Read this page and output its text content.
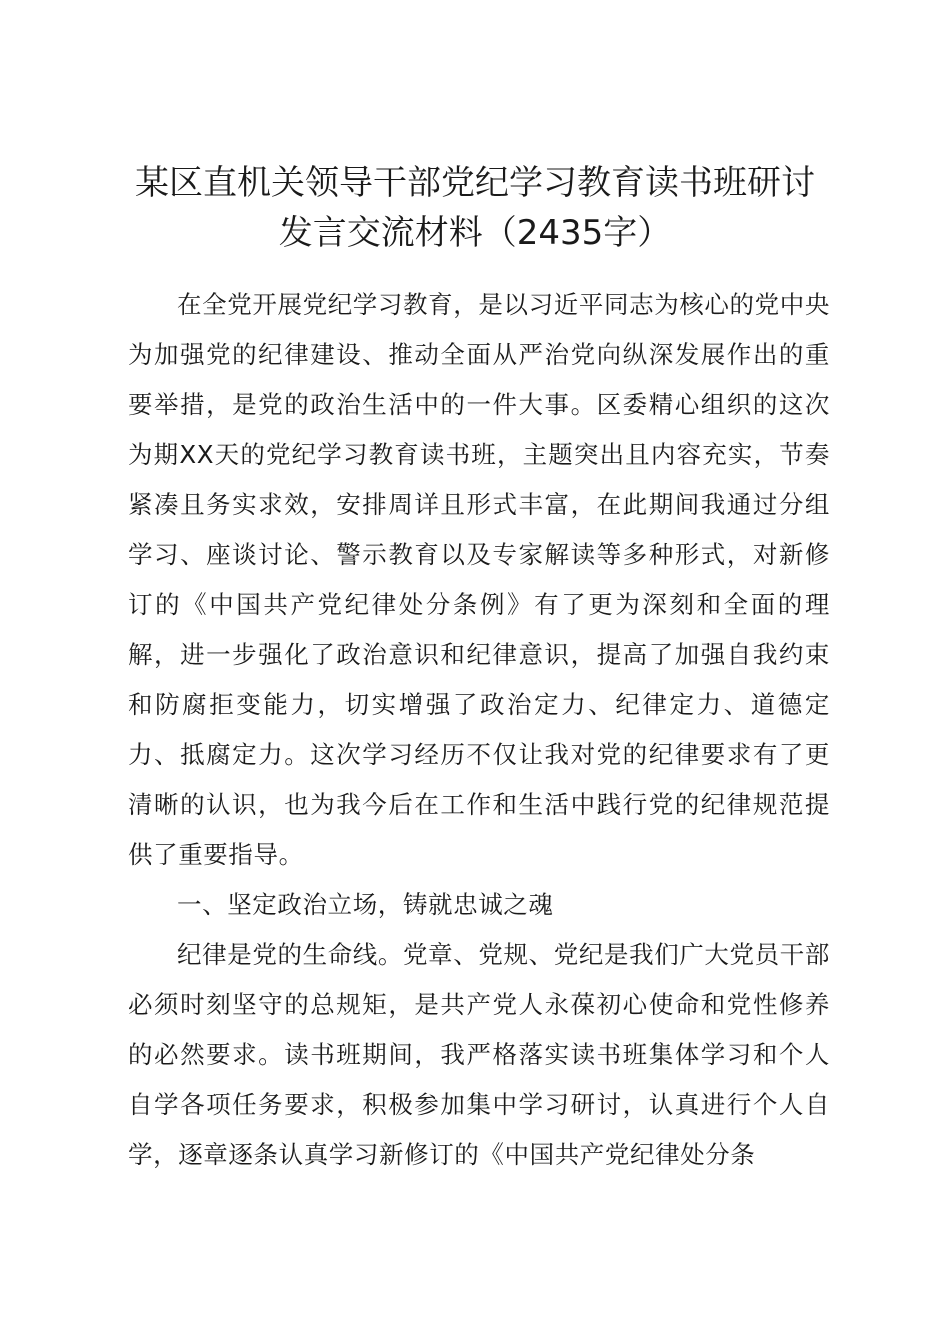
某区直机关领导干部党纪学习教育读书班研讨
发言交流材料（2435字）

在全党开展党纪学习教育，是以习近平同志为核心的党中央为加强党的纪律建设、推动全面从严治党向纵深发展作出的重要举措，是党的政治生活中的一件大事。区委精心组织的这次为期XX天的党纪学习教育读书班，主题突出且内容充实，节奏紧凑且务实求效，安排周详且形式丰富，在此期间我通过分组学习、座谈讨论、警示教育以及专家解读等多种形式，对新修订的《中国共产党纪律处分条例》有了更为深刻和全面的理解，进一步强化了政治意识和纪律意识，提高了加强自我约束和防腐拒变能力，切实增强了政治定力、纪律定力、道德定力、抵腐定力。这次学习经历不仅让我对党的纪律要求有了更清晰的认识，也为我今后在工作和生活中践行党的纪律规范提供了重要指导。

一、坚定政治立场，铸就忠诚之魂

纪律是党的生命线。党章、党规、党纪是我们广大党员干部必须时刻坚守的总规矩，是共产党人永葆初心使命和党性修养的必然要求。读书班期间，我严格落实读书班集体学习和个人自学各项任务要求，积极参加集中学习研讨，认真进行个人自学，逐章逐条认真学习新修订的《中国共产党纪律处分条
